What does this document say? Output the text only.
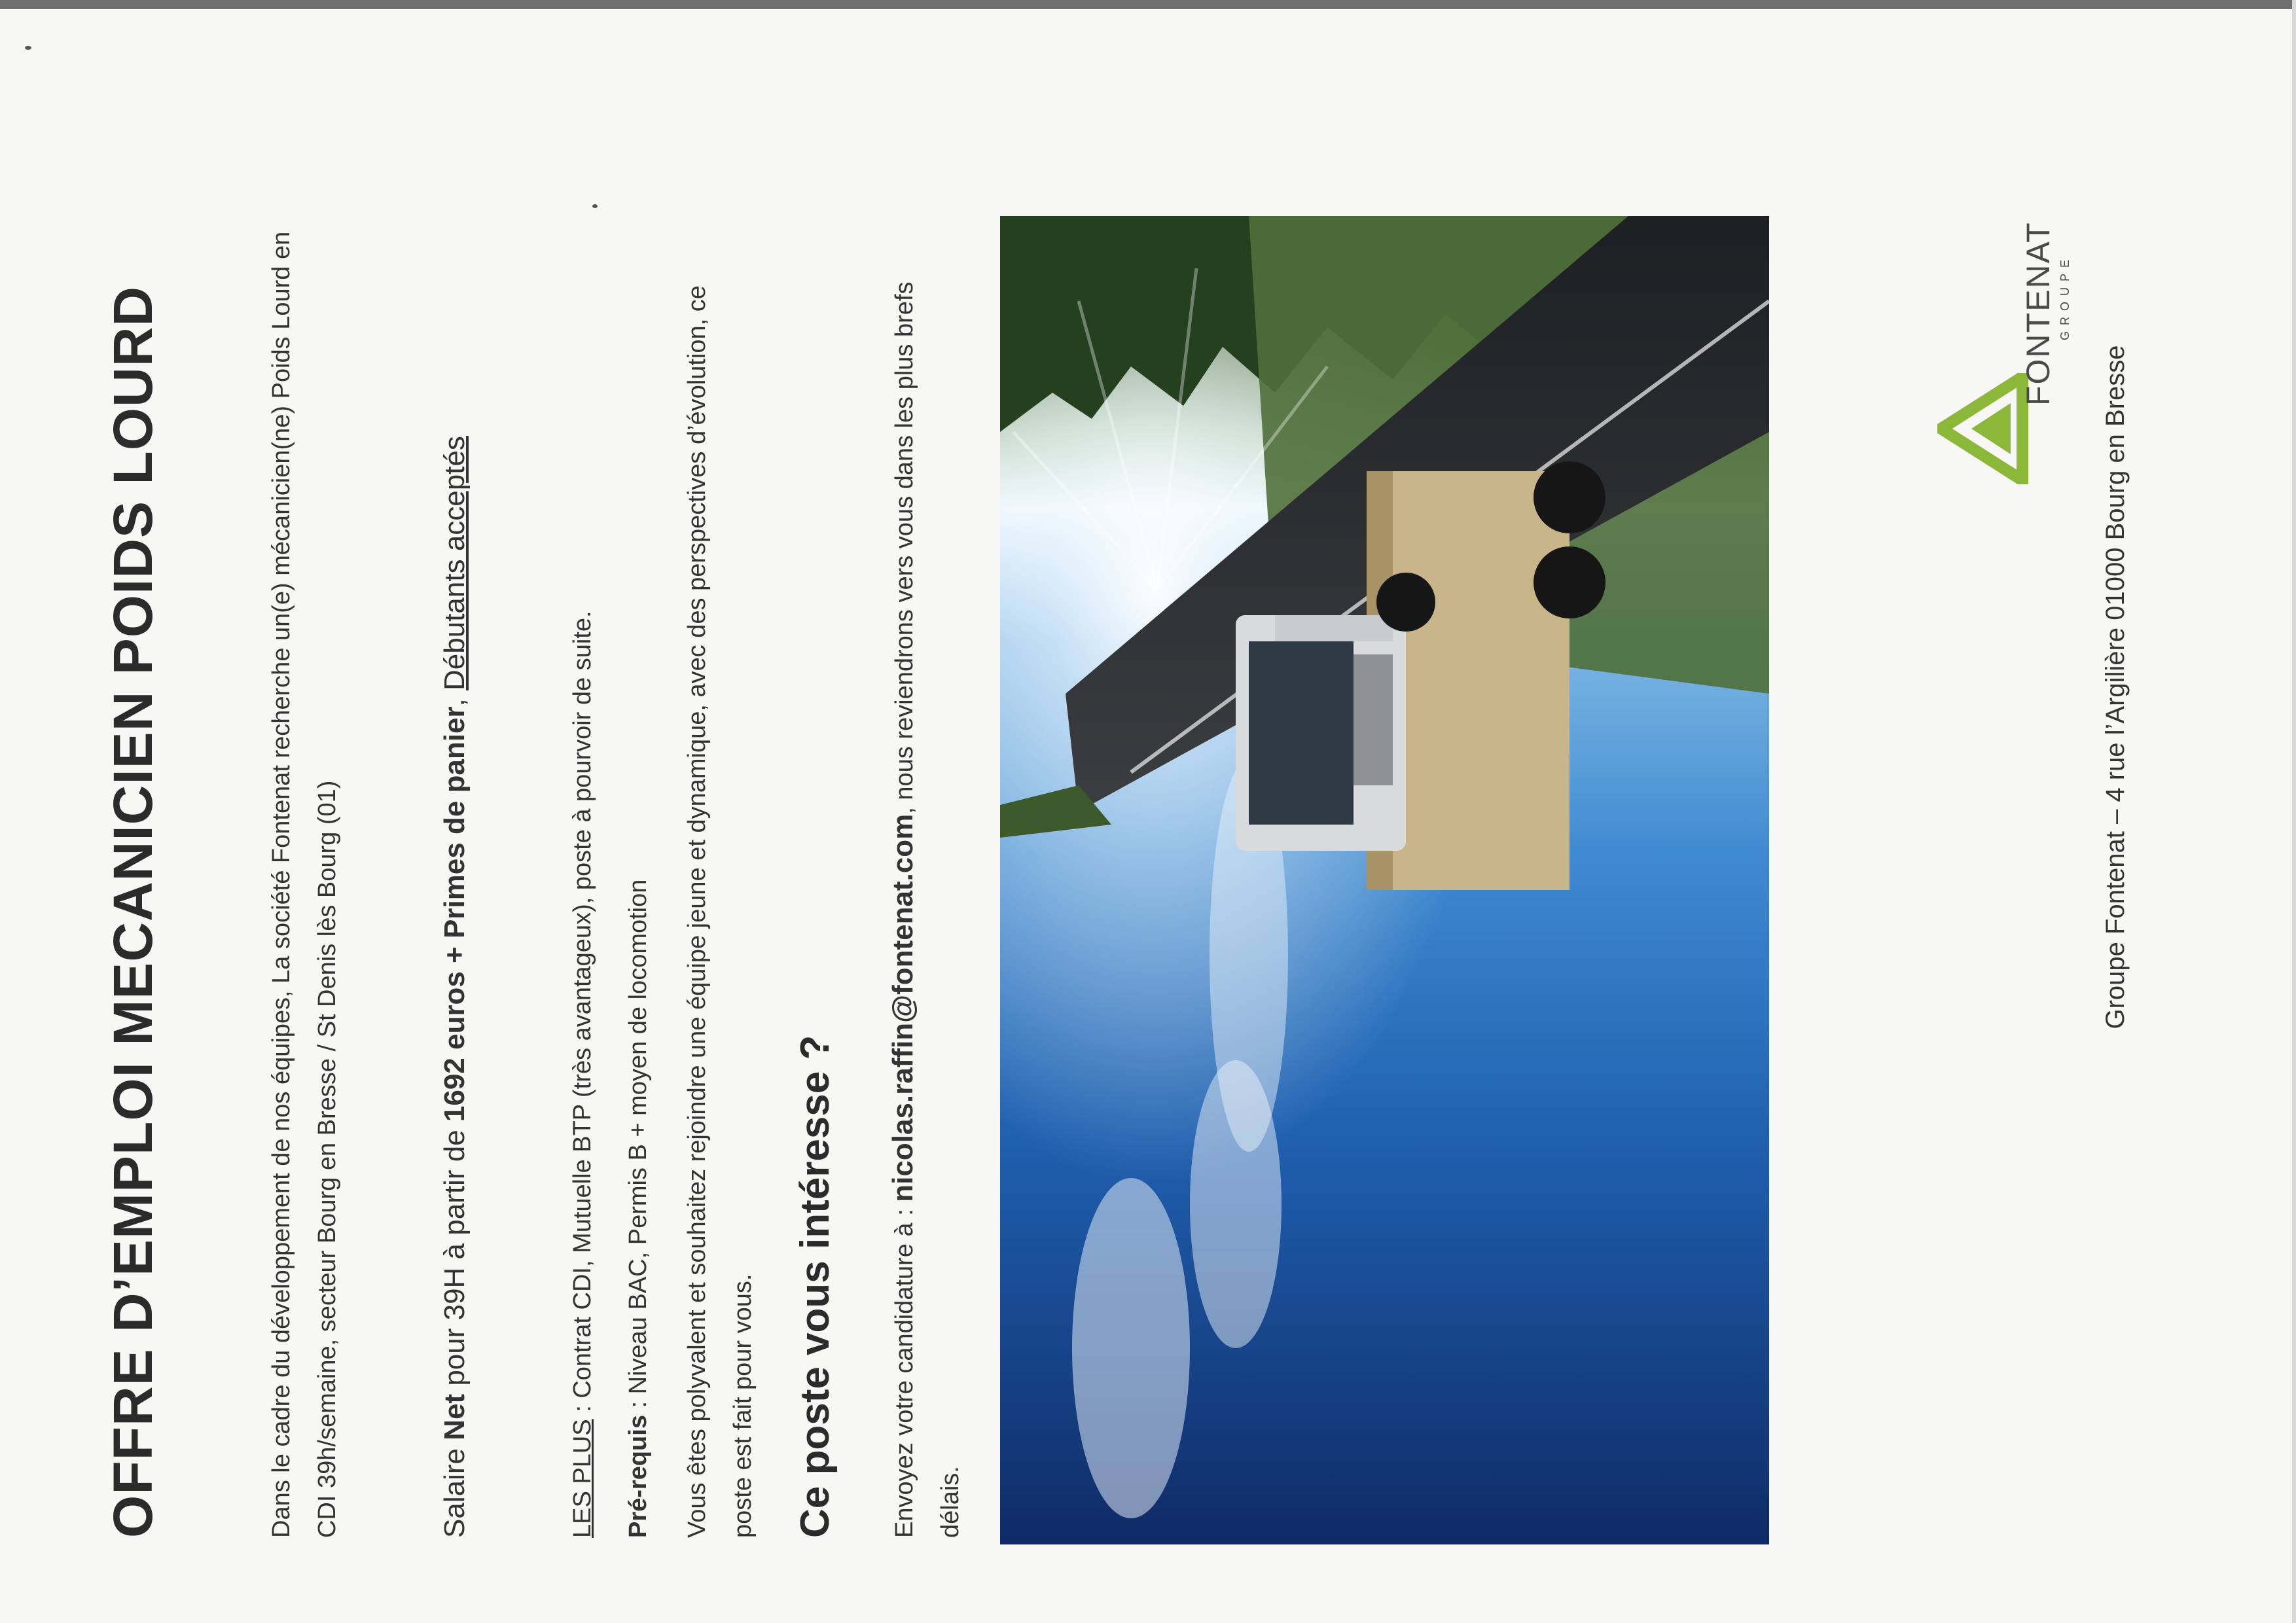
OFFRE D’EMPLOI MECANICIEN POIDS LOURD	Dans le cadre du développement de nos équipes, La société Fontenat recherche un(e) mécanicien(ne) Poids Lourd en CDI 39h/semaine, secteur Bourg en Bresse / St Denis lès Bourg (01)	Salaire Net pour 39H à partir de 1692 euros + Primes de panier, Débutants acceptés

LES PLUS : Contrat CDI, Mutuelle BTP (très avantageux), poste à pourvoir de suite.

Pré-requis : Niveau BAC, Permis B + moyen de locomotion	Vous êtes polyvalent et souhaitez rejoindre une équipe jeune et dynamique, avec des perspectives d’évolution, ce poste est fait pour vous. Ce poste vous intéresse ?	Envoyez votre candidature à : nicolas.raffin@fontenat.com, nous reviendrons vers vous dans les plus brefs
délais.

FONTENAT GROUPE

Groupe Fontenat – 4 rue l’Argilière 01000 Bourg en Bresse
